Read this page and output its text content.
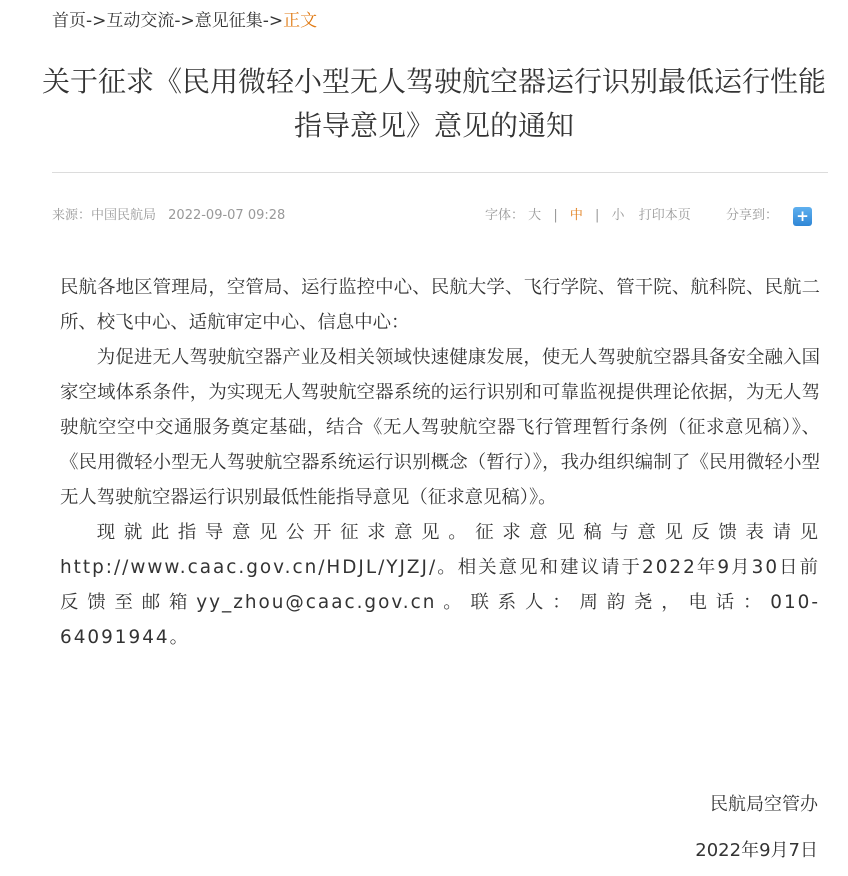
首页->互动交流->意见征集->正文
关于征求《民用微轻小型无人驾驶航空器运行识别最低运行性能指导意见》意见的通知
来源：中国民航局 2022-09-07 09:28	字体： 大 | 中 | 小 打印本页	分享到： +

民航各地区管理局，空管局、运行监控中心、民航大学、飞行学院、管干院、航科院、民航二所、校飞中心、适航审定中心、信息中心：

为促进无人驾驶航空器产业及相关领域快速健康发展，使无人驾驶航空器具备安全融入国家空域体系条件，为实现无人驾驶航空器系统的运行识别和可靠监视提供理论依据，为无人驾驶航空空中交通服务奠定基础，结合《无人驾驶航空器飞行管理暂行条例（征求意见稿）》、《民用微轻小型无人驾驶航空器系统运行识别概念（暂行）》，我办组织编制了《民用微轻小型无人驾驶航空器运行识别最低性能指导意见（征求意见稿）》。

现就此指导意见公开征求意见。征求意见稿与意见反馈表请见http://www.caac.gov.cn/HDJL/YJZJ/。相关意见和建议请于2022年9月30日前反馈至邮箱yy_zhou@caac.gov.cn。联系人：周韵尧，电话：010-64091944。

民航局空管办
2022年9月7日
